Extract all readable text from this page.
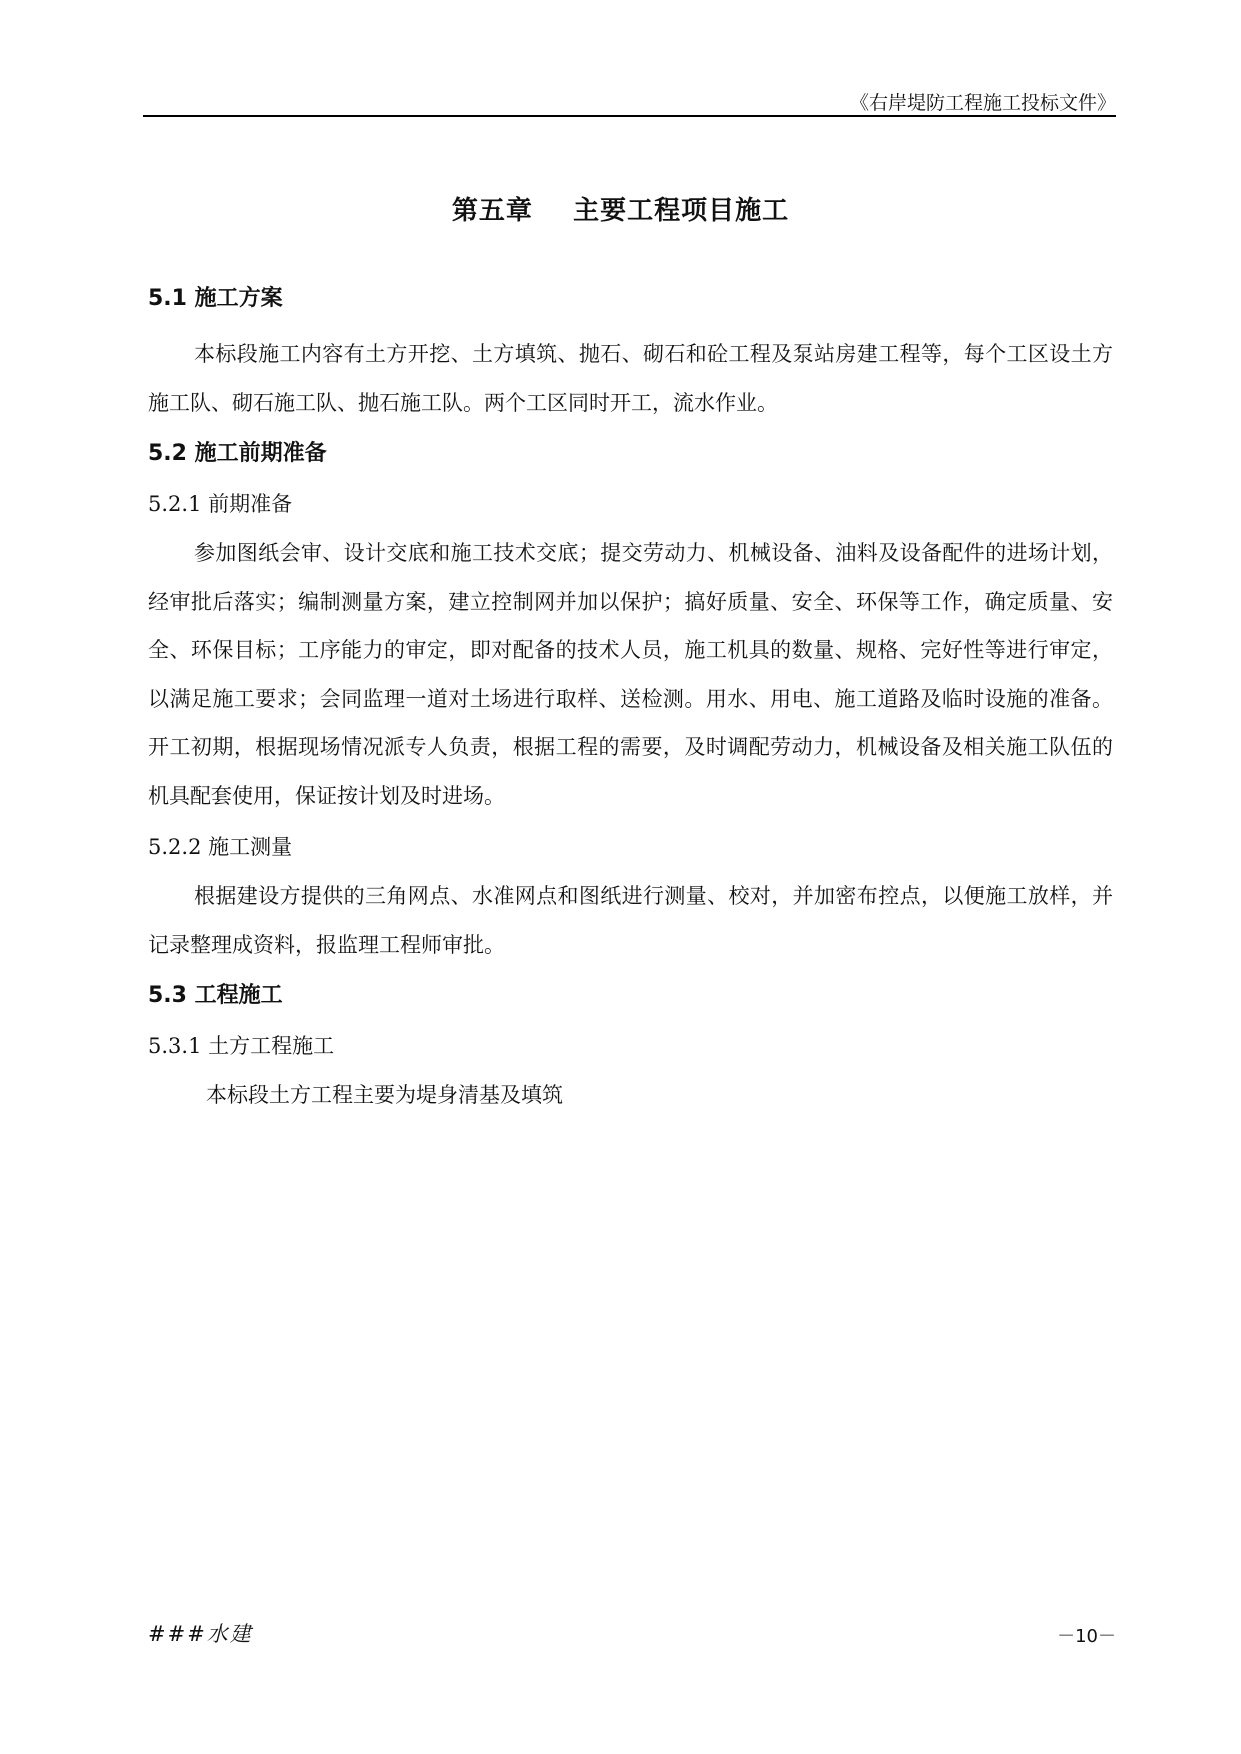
《右岸堤防工程施工投标文件》
第五章    主要工程项目施工
5.1 施工方案

本标段施工内容有土方开挖、土方填筑、抛石、砌石和砼工程及泵站房建工程等，每个工区设土方施工队、砌石施工队、抛石施工队。两个工区同时开工，流水作业。

5.2 施工前期准备
5.2.1 前期准备

参加图纸会审、设计交底和施工技术交底；提交劳动力、机械设备、油料及设备配件的进场计划，经审批后落实；编制测量方案，建立控制网并加以保护；搞好质量、安全、环保等工作，确定质量、安全、环保目标；工序能力的审定，即对配备的技术人员，施工机具的数量、规格、完好性等进行审定，以满足施工要求；会同监理一道对土场进行取样、送检测。用水、用电、施工道路及临时设施的准备。开工初期，根据现场情况派专人负责，根据工程的需要，及时调配劳动力，机械设备及相关施工队伍的机具配套使用，保证按计划及时进场。

5.2.2 施工测量

根据建设方提供的三角网点、水准网点和图纸进行测量、校对，并加密布控点，以便施工放样，并记录整理成资料，报监理工程师审批。

5.3 工程施工
5.3.1 土方工程施工

本标段土方工程主要为堤身清基及填筑

###水建	－10－
